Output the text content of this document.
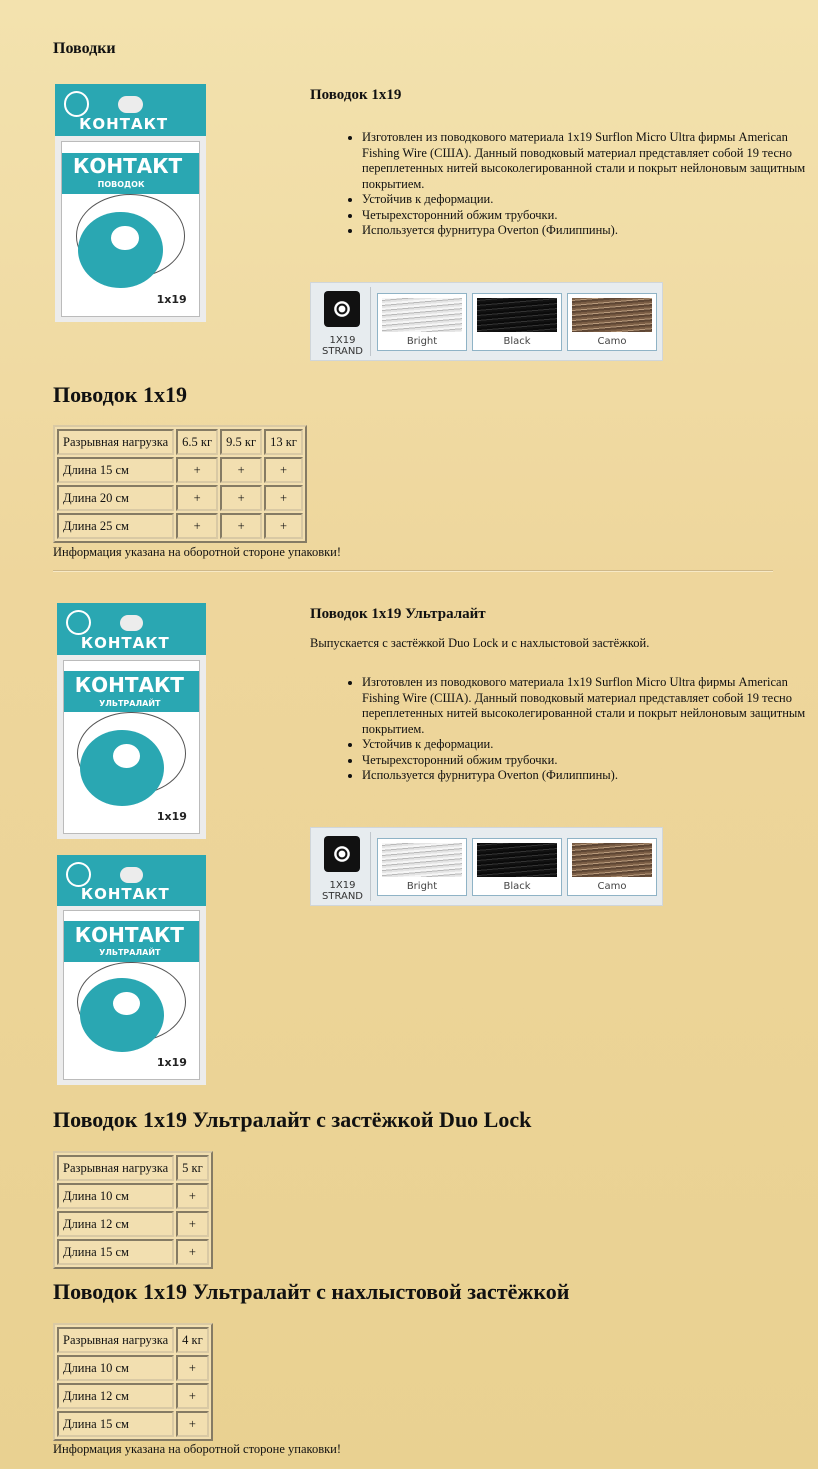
Поводки
КОНТАКТ
КОНТАКТ
ПОВОДОК
1x19
Поводок 1x19
• Изготовлен из поводкового материала 1x19 Surflon Micro Ultra фирмы American Fishing Wire (США). Данный поводковый материал представляет собой 19 тесно переплетенных нитей высоколегированной стали и покрыт нейлоновым защитным покрытием.
• Устойчив к деформации.
• Четырехсторонний обжим трубочки.
• Используется фурнитура Overton (Филиппины).
1X19
STRAND
Bright	Black	Camo
Поводок 1x19
Разрывная нагрузка	6.5 кг	9.5 кг	13 кг
Длина 15 см	+	+	+
Длина 20 см	+	+	+
Длина 25 см	+	+	+

Информация указана на оборотной стороне упаковки!

КОНТАКТ
КОНТАКТ
УЛЬТРАЛАЙТ
1x19
КОНТАКТ
КОНТАКТ
УЛЬТРАЛАЙТ
1x19
Поводок 1x19 Ультралайт

Выпускается с застёжкой Duo Lock и с нахлыстовой застёжкой.

• Изготовлен из поводкового материала 1x19 Surflon Micro Ultra фирмы American Fishing Wire (США). Данный поводковый материал представляет собой 19 тесно переплетенных нитей высоколегированной стали и покрыт нейлоновым защитным покрытием.
• Устойчив к деформации.
• Четырехсторонний обжим трубочки.
• Используется фурнитура Overton (Филиппины).
1X19
STRAND
Bright	Black	Camo
Поводок 1x19 Ультралайт с застёжкой Duo Lock
Разрывная нагрузка	5 кг
Длина 10 см	+
Длина 12 см	+
Длина 15 см	+
Поводок 1x19 Ультралайт с нахлыстовой застёжкой
Разрывная нагрузка	4 кг
Длина 10 см	+
Длина 12 см	+
Длина 15 см	+

Информация указана на оборотной стороне упаковки!
